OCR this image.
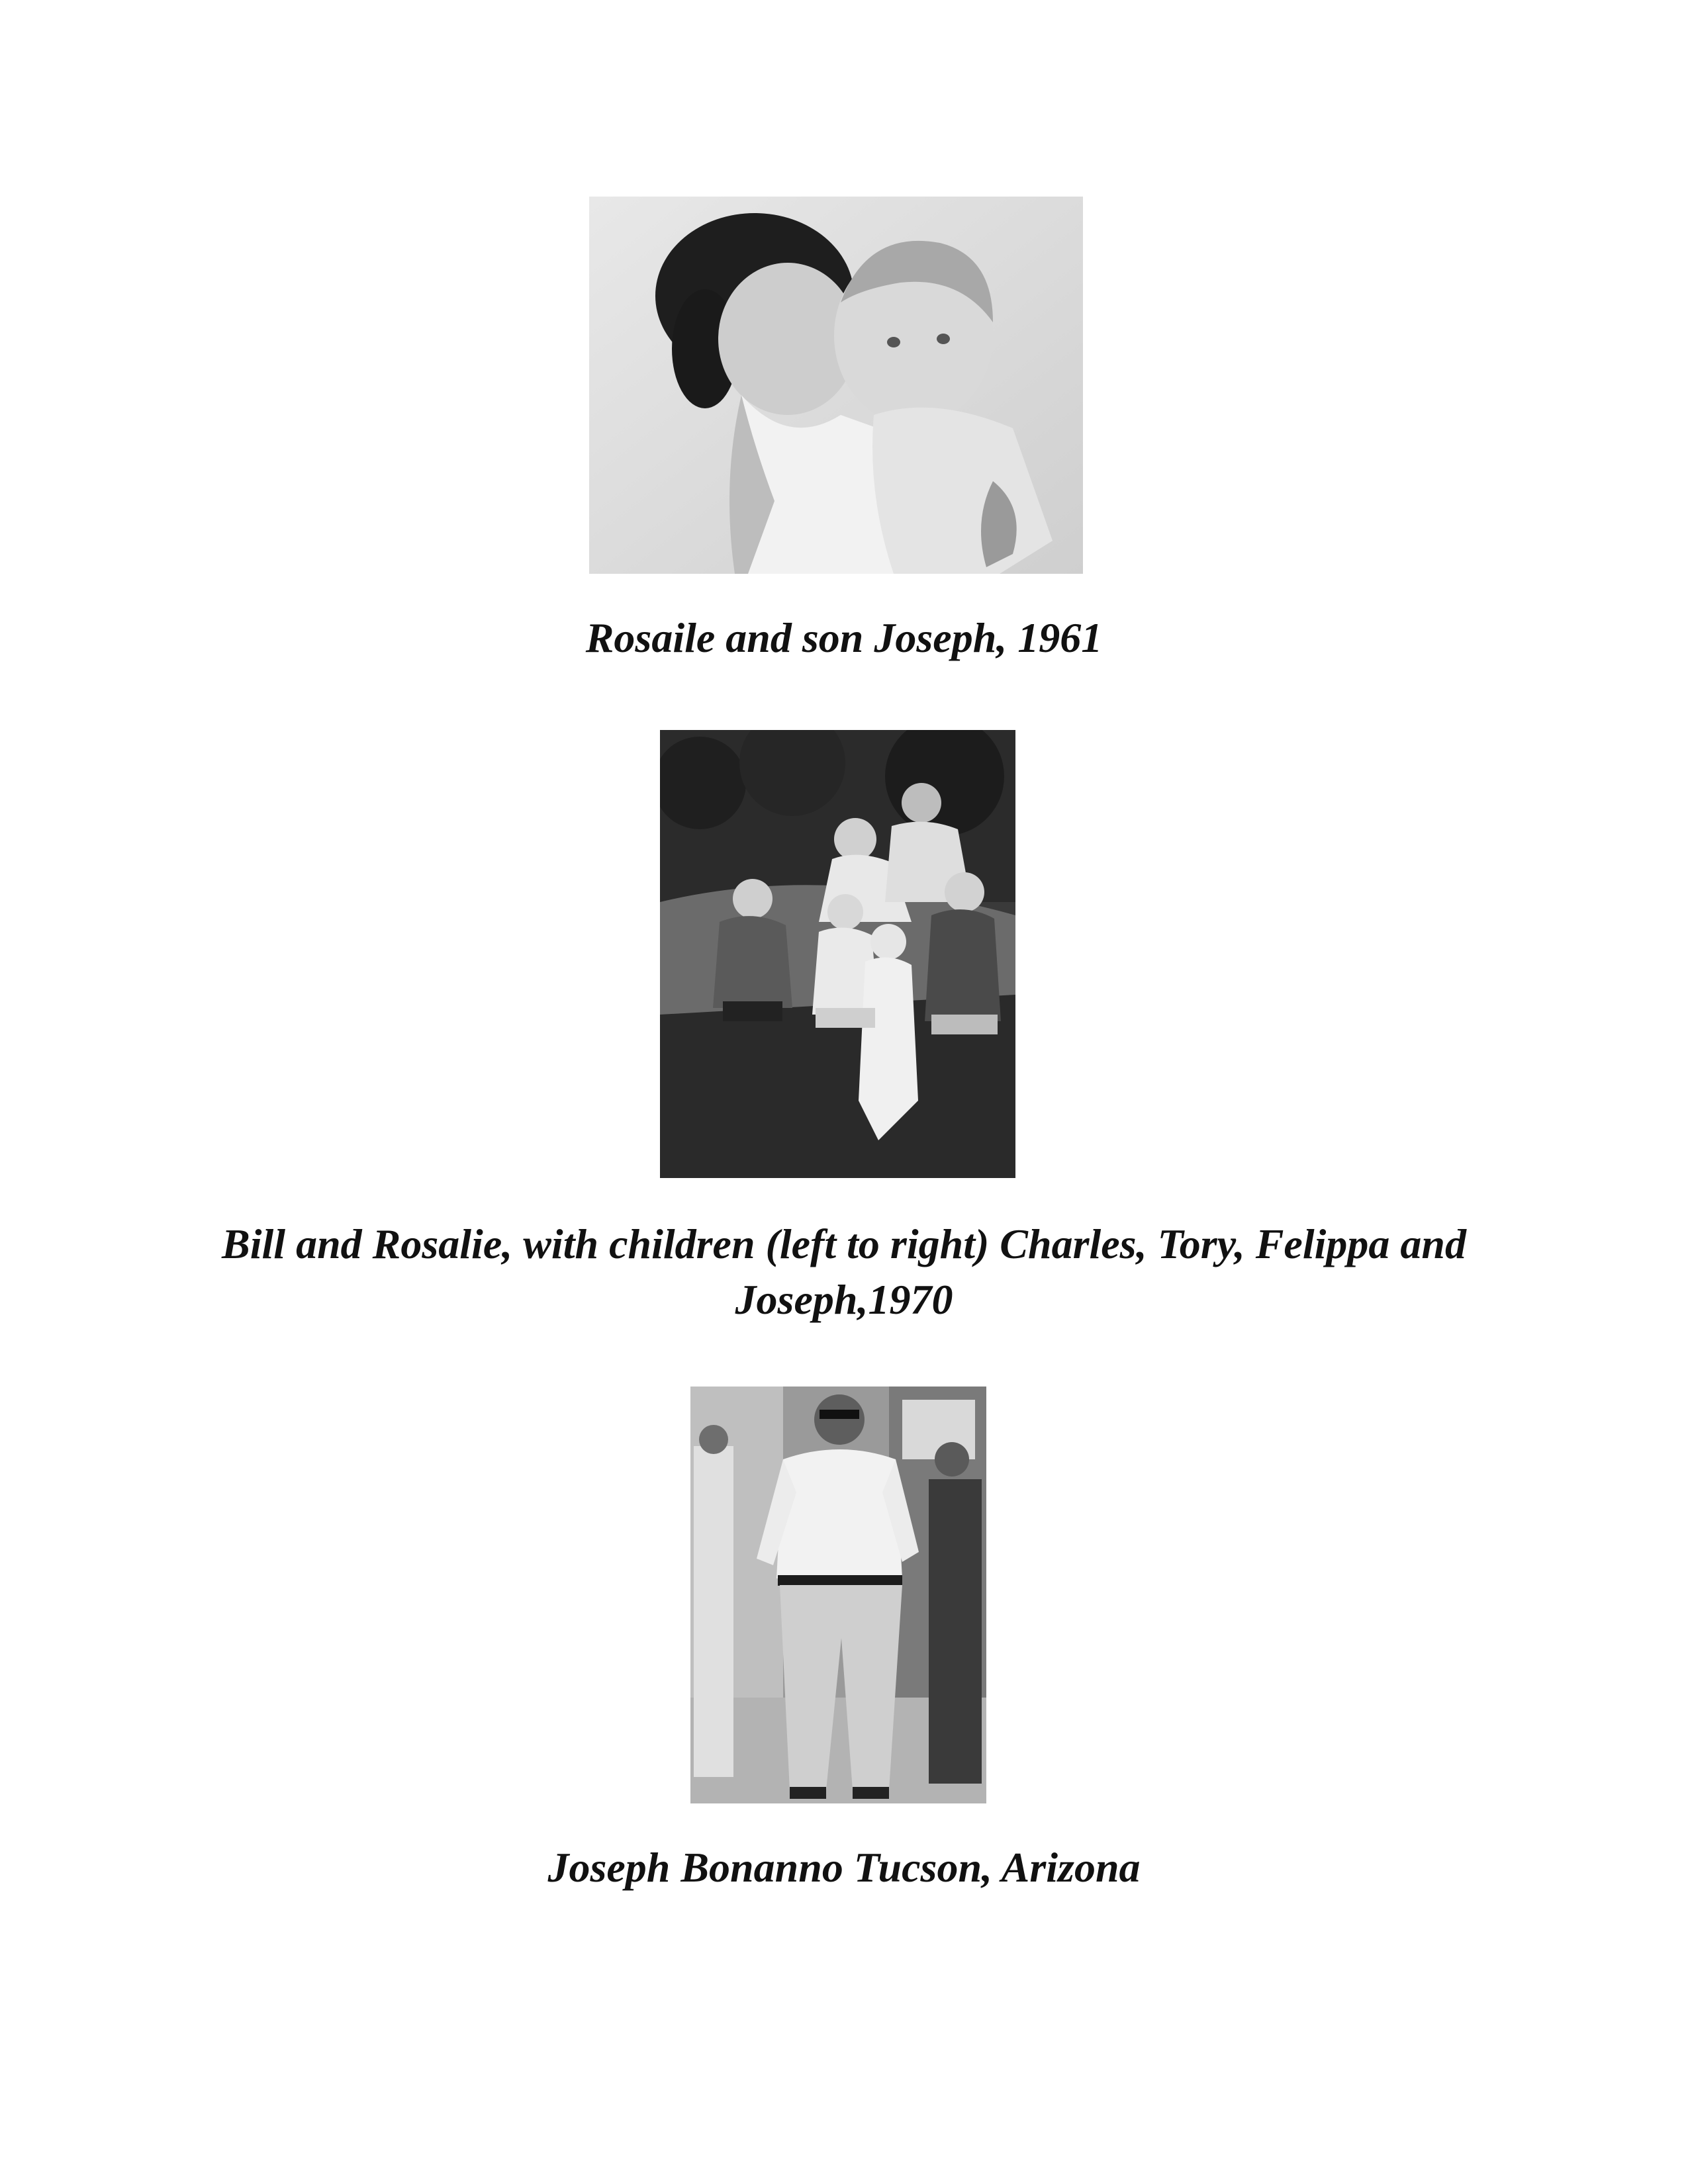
Rosaile and son Joseph, 1961
Bill and Rosalie, with children (left to right) Charles, Tory, Felippa and Joseph,1970
Joseph Bonanno Tucson, Arizona
